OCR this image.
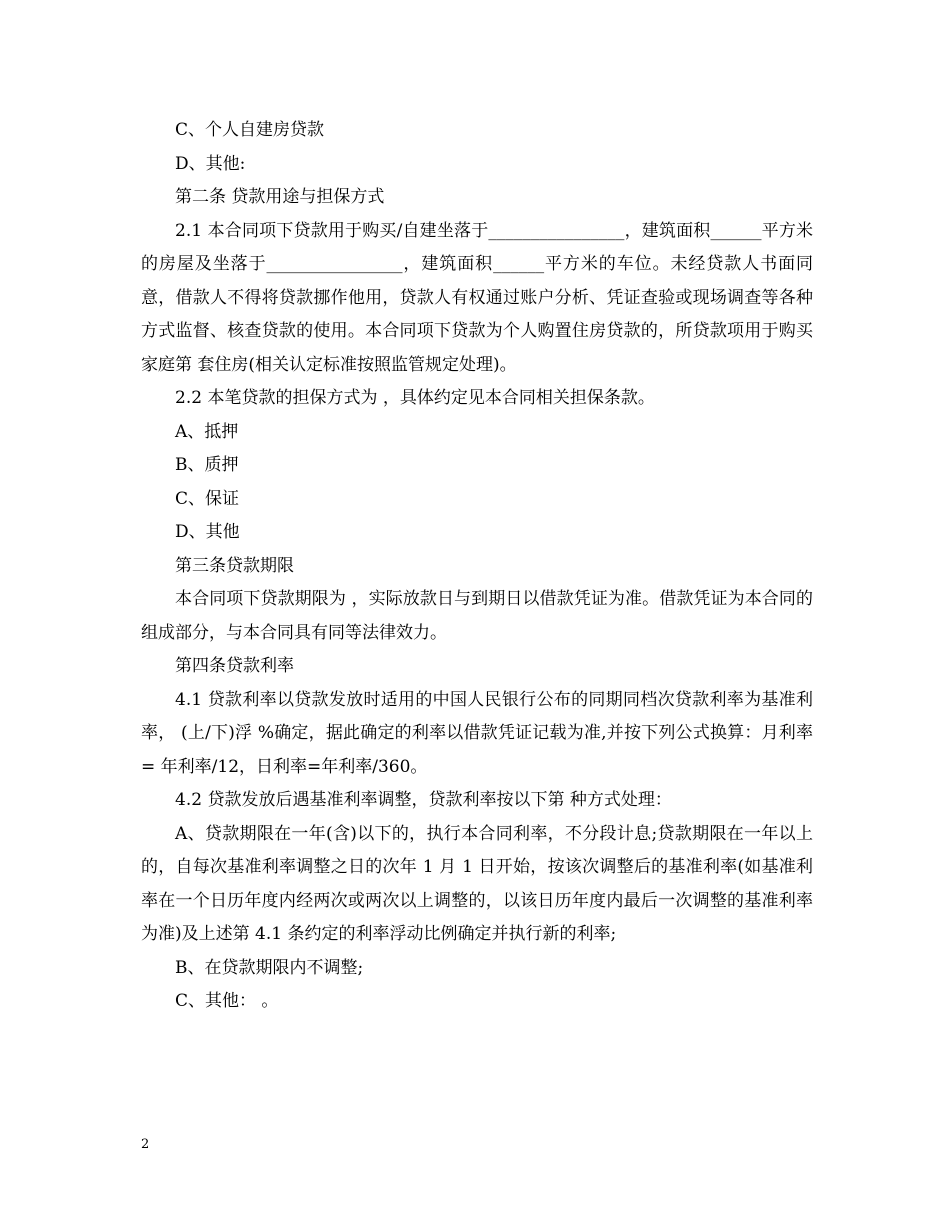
C、个人自建房贷款

D、其他:

第二条 贷款用途与担保方式

2.1 本合同项下贷款用于购买/自建坐落于________________，建筑面积______平方米的房屋及坐落于________________，建筑面积______平方米的车位。未经贷款人书面同意，借款人不得将贷款挪作他用，贷款人有权通过账户分析、凭证查验或现场调查等各种方式监督、核查贷款的使用。本合同项下贷款为个人购置住房贷款的，所贷款项用于购买家庭第 套住房(相关认定标准按照监管规定处理)。

2.2 本笔贷款的担保方式为 ，具体约定见本合同相关担保条款。

A、抵押

B、质押

C、保证

D、其他

第三条贷款期限

本合同项下贷款期限为 ，实际放款日与到期日以借款凭证为准。借款凭证为本合同的组成部分，与本合同具有同等法律效力。

第四条贷款利率

4.1 贷款利率以贷款发放时适用的中国人民银行公布的同期同档次贷款利率为基准利率， (上/下)浮 %确定，据此确定的利率以借款凭证记载为准,并按下列公式换算：月利率= 年利率/12，日利率=年利率/360。

4.2 贷款发放后遇基准利率调整，贷款利率按以下第 种方式处理：

A、贷款期限在一年(含)以下的，执行本合同利率，不分段计息;贷款期限在一年以上的，自每次基准利率调整之日的次年 1 月 1 日开始，按该次调整后的基准利率(如基准利率在一个日历年度内经两次或两次以上调整的，以该日历年度内最后一次调整的基准利率为准)及上述第 4.1 条约定的利率浮动比例确定并执行新的利率;

B、在贷款期限内不调整;

C、其他： 。

2
